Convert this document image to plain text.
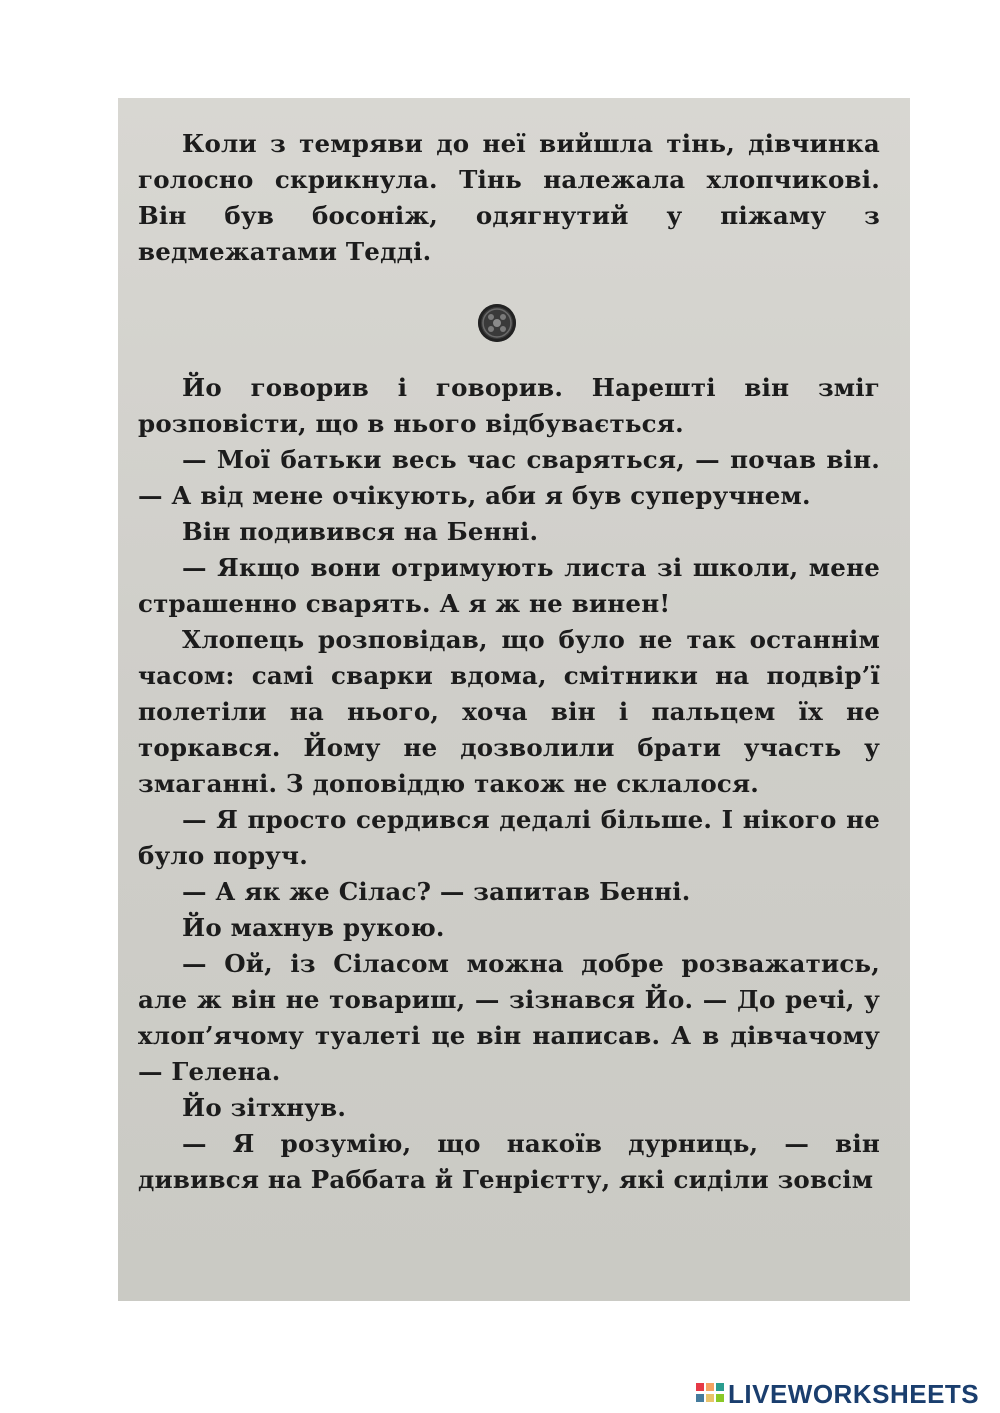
Коли з темряви до неї вийшла тінь, дівчинка голосно скрикнула. Тінь належала хлопчикові. Він був босоніж, одягнутий у піжаму з ведмежатами Тедді.

Йо говорив і говорив. Нарешті він зміг розповісти, що в нього відбувається.

— Мої батьки весь час сваряться, — почав він. — А від мене очікують, аби я був суперучнем.

Він подивився на Бенні.

— Якщо вони отримують листа зі школи, мене страшенно сварять. А я ж не винен!

Хлопець розповідав, що було не так останнім часом: самі сварки вдома, смітники на подвір’ї полетіли на нього, хоча він і пальцем їх не торкався. Йому не дозволили брати участь у змаганні. З доповіддю також не склалося.

— Я просто сердився дедалі більше. І нікого не було поруч.

— А як же Сілас? — запитав Бенні.

Йо махнув рукою.

— Ой, із Сіласом можна добре розважатись, але ж він не товариш, — зізнався Йо. — До речі, у хлоп’ячому туалеті це він написав. А в дівчачому — Гелена.

Йо зітхнув.

— Я розумію, що накоїв дурниць, — він дивився на Раббата й Генрієтту, які сиділи зовсім

LIVEWORKSHEETS
